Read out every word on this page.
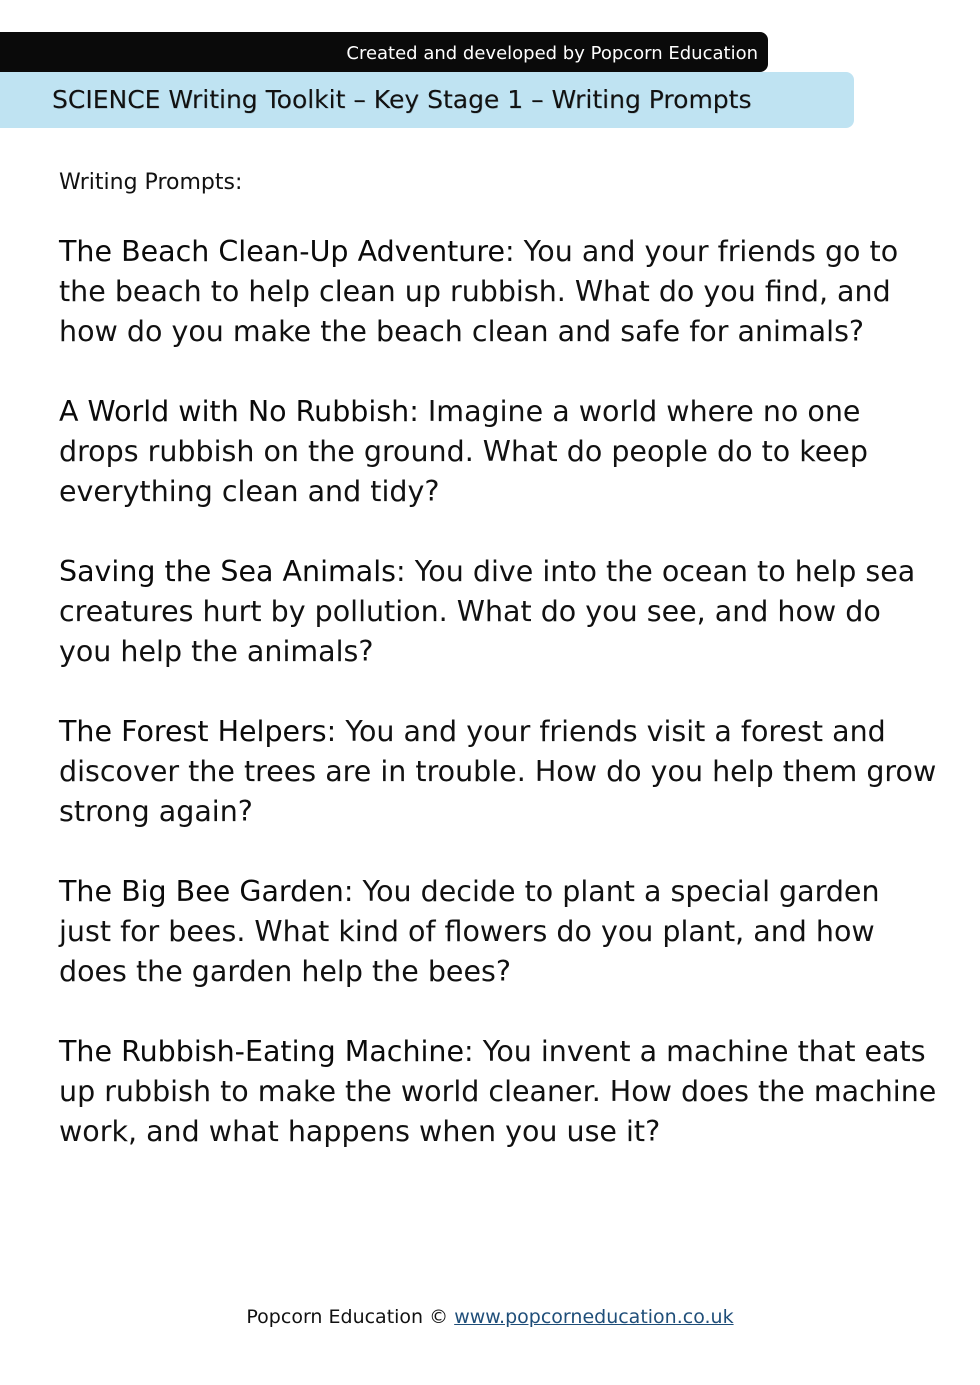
Created and developed by Popcorn Education
SCIENCE Writing Toolkit – Key Stage 1 – Writing Prompts
Writing Prompts:
The Beach Clean-Up Adventure: You and your friends go to the beach to help clean up rubbish. What do you find, and how do you make the beach clean and safe for animals?
A World with No Rubbish: Imagine a world where no one drops rubbish on the ground. What do people do to keep everything clean and tidy?
Saving the Sea Animals: You dive into the ocean to help sea creatures hurt by pollution. What do you see, and how do you help the animals?
The Forest Helpers: You and your friends visit a forest and discover the trees are in trouble. How do you help them grow strong again?
The Big Bee Garden: You decide to plant a special garden just for bees. What kind of flowers do you plant, and how does the garden help the bees?
The Rubbish-Eating Machine: You invent a machine that eats up rubbish to make the world cleaner. How does the machine work, and what happens when you use it?
Popcorn Education © www.popcorneducation.co.uk
